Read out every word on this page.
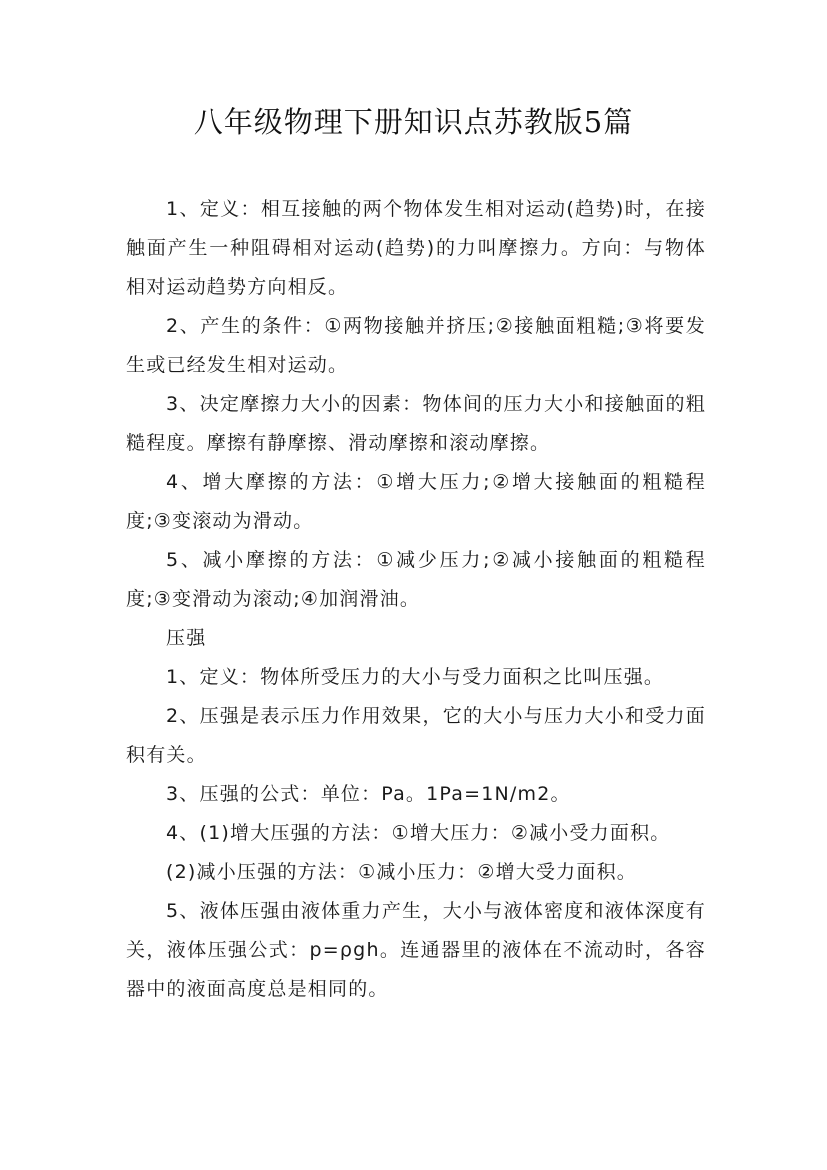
八年级物理下册知识点苏教版5篇

1、定义：相互接触的两个物体发生相对运动(趋势)时，在接触面产生一种阻碍相对运动(趋势)的力叫摩擦力。方向：与物体相对运动趋势方向相反。

2、产生的条件：①两物接触并挤压;②接触面粗糙;③将要发生或已经发生相对运动。

3、决定摩擦力大小的因素：物体间的压力大小和接触面的粗糙程度。摩擦有静摩擦、滑动摩擦和滚动摩擦。

4、增大摩擦的方法：①增大压力;②增大接触面的粗糙程度;③变滚动为滑动。

5、减小摩擦的方法：①减少压力;②减小接触面的粗糙程度;③变滑动为滚动;④加润滑油。

压强

1、定义：物体所受压力的大小与受力面积之比叫压强。

2、压强是表示压力作用效果，它的大小与压力大小和受力面积有关。

3、压强的公式：单位：Pa。1Pa=1N/m2。

4、(1)增大压强的方法：①增大压力：②减小受力面积。

(2)减小压强的方法：①减小压力：②增大受力面积。

5、液体压强由液体重力产生，大小与液体密度和液体深度有关，液体压强公式：p=ρgh。连通器里的液体在不流动时，各容器中的液面高度总是相同的。
